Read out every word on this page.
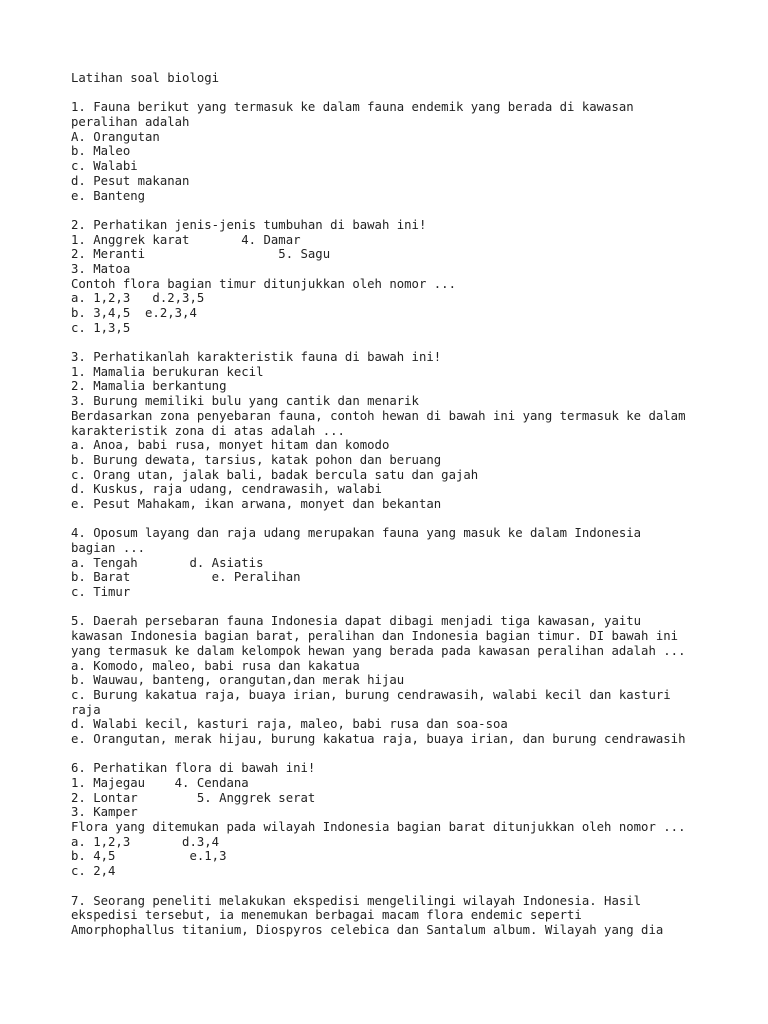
Latihan soal biologi
1. Fauna berikut yang termasuk ke dalam fauna endemik yang berada di kawasan
peralihan adalah
A. Orangutan
b. Maleo
c. Walabi
d. Pesut makanan
e. Banteng
2. Perhatikan jenis-jenis tumbuhan di bawah ini!
1. Anggrek karat       4. Damar
2. Meranti                  5. Sagu
3. Matoa
Contoh flora bagian timur ditunjukkan oleh nomor ...
a. 1,2,3   d.2,3,5
b. 3,4,5  e.2,3,4
c. 1,3,5
3. Perhatikanlah karakteristik fauna di bawah ini!
1. Mamalia berukuran kecil
2. Mamalia berkantung
3. Burung memiliki bulu yang cantik dan menarik
Berdasarkan zona penyebaran fauna, contoh hewan di bawah ini yang termasuk ke dalam
karakteristik zona di atas adalah ...
a. Anoa, babi rusa, monyet hitam dan komodo
b. Burung dewata, tarsius, katak pohon dan beruang
c. Orang utan, jalak bali, badak bercula satu dan gajah
d. Kuskus, raja udang, cendrawasih, walabi
e. Pesut Mahakam, ikan arwana, monyet dan bekantan
4. Oposum layang dan raja udang merupakan fauna yang masuk ke dalam Indonesia
bagian ...
a. Tengah       d. Asiatis
b. Barat           e. Peralihan
c. Timur
5. Daerah persebaran fauna Indonesia dapat dibagi menjadi tiga kawasan, yaitu
kawasan Indonesia bagian barat, peralihan dan Indonesia bagian timur. DI bawah ini
yang termasuk ke dalam kelompok hewan yang berada pada kawasan peralihan adalah ...
a. Komodo, maleo, babi rusa dan kakatua
b. Wauwau, banteng, orangutan,dan merak hijau
c. Burung kakatua raja, buaya irian, burung cendrawasih, walabi kecil dan kasturi
raja
d. Walabi kecil, kasturi raja, maleo, babi rusa dan soa-soa
e. Orangutan, merak hijau, burung kakatua raja, buaya irian, dan burung cendrawasih
6. Perhatikan flora di bawah ini!
1. Majegau    4. Cendana
2. Lontar        5. Anggrek serat
3. Kamper
Flora yang ditemukan pada wilayah Indonesia bagian barat ditunjukkan oleh nomor ...
a. 1,2,3       d.3,4
b. 4,5          e.1,3
c. 2,4
7. Seorang peneliti melakukan ekspedisi mengelilingi wilayah Indonesia. Hasil
ekspedisi tersebut, ia menemukan berbagai macam flora endemic seperti
Amorphophallus titanium, Diospyros celebica dan Santalum album. Wilayah yang dia
